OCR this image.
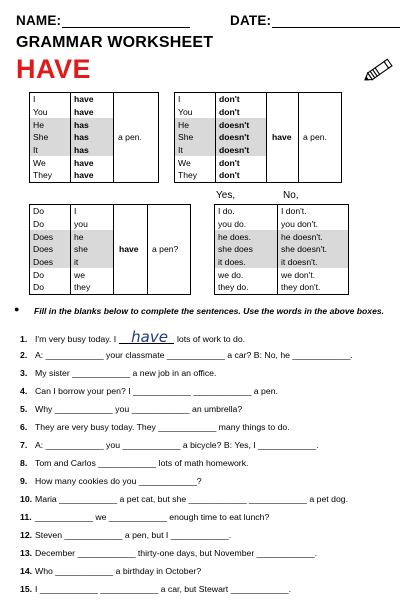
NAME:	DATE:
GRAMMAR WORKSHEET
HAVE
I	have	a pen.
You	have	
He	has	
She	has	
It	has	
We	have	
They	have	
I	don't	have	a pen.
You	don't		
He	doesn't		
She	doesn't		
It	doesn't		
We	don't		
They	don't		
Yes,	No,
Do	I	have	a pen?
Do	you		
Does	he		
Does	she		
Does	it		
Do	we		
Do	they		
I do.	I don't.
you do.	you don't.
he does.	he doesn't.
she does	she doesn't.
it does.	it doesn't.
we do.	we don't.
they do.	they don't.
● Fill in the blanks below to complete the sentences. Use the words in the above boxes.
1. I'm very busy today. I have lots of work to do.
2. A: ____________ your classmate ____________ a car? B: No, he ____________.
3. My sister ____________ a new job in an office.
4. Can I borrow your pen? I ____________ ____________ a pen.
5. Why ____________ you ____________ an umbrella?
6. They are very busy today. They ____________ many things to do.
7. A: ____________ you ____________ a bicycle? B: Yes, I ____________.
8. Tom and Carlos ____________ lots of math homework.
9. How many cookies do you ____________?
10. Maria ____________ a pet cat, but she ____________ ____________ a pet dog.
11. ____________ we ____________ enough time to eat lunch?
12. Steven ____________ a pen, but I ____________.
13. December ____________ thirty-one days, but November ____________.
14. Who ____________ a birthday in October?
15. I ____________ ____________ a car, but Stewart ____________.
